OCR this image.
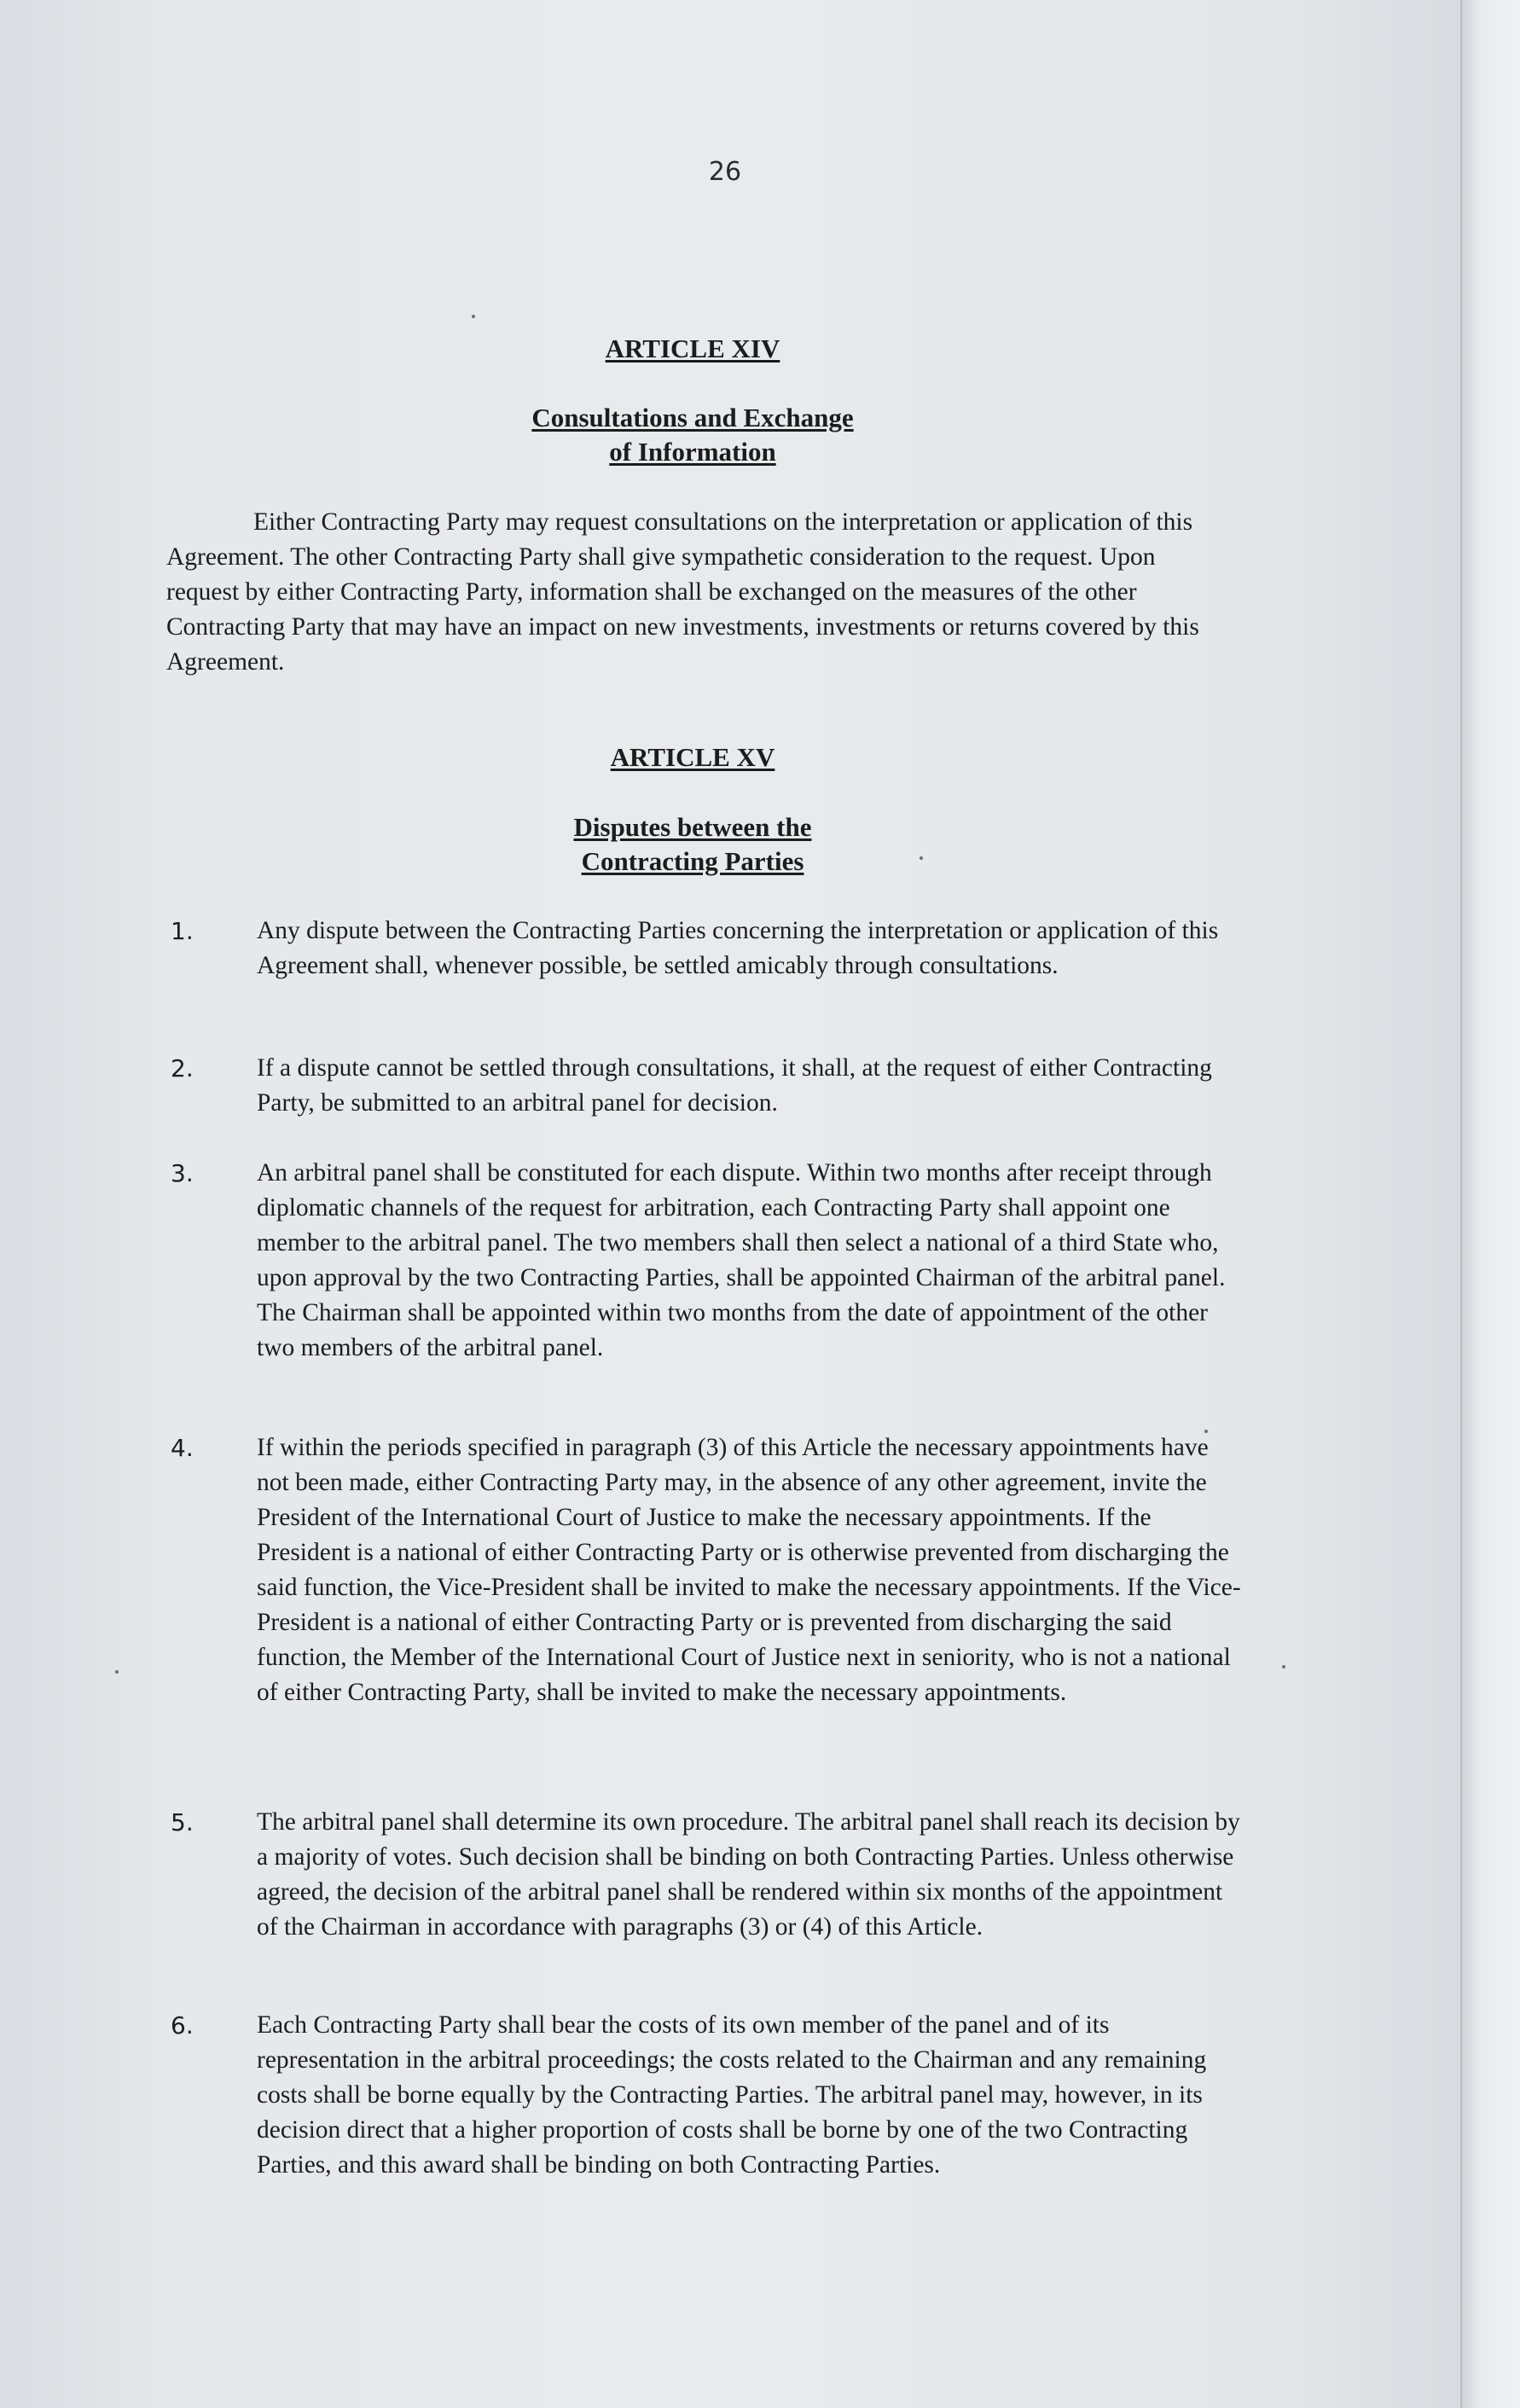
26
ARTICLE XIV
Consultations and Exchange
of Information
Either Contracting Party may request consultations on the interpretation or application of this Agreement. The other Contracting Party shall give sympathetic consideration to the request. Upon request by either Contracting Party, information shall be exchanged on the measures of the other Contracting Party that may have an impact on new investments, investments or returns covered by this Agreement.
ARTICLE XV
Disputes between the
Contracting Parties
1.	Any dispute between the Contracting Parties concerning the interpretation or application of this Agreement shall, whenever possible, be settled amicably through consultations.
2.	If a dispute cannot be settled through consultations, it shall, at the request of either Contracting Party, be submitted to an arbitral panel for decision.
3.	An arbitral panel shall be constituted for each dispute. Within two months after receipt through diplomatic channels of the request for arbitration, each Contracting Party shall appoint one member to the arbitral panel. The two members shall then select a national of a third State who, upon approval by the two Contracting Parties, shall be appointed Chairman of the arbitral panel. The Chairman shall be appointed within two months from the date of appointment of the other two members of the arbitral panel.
4.	If within the periods specified in paragraph (3) of this Article the necessary appointments have not been made, either Contracting Party may, in the absence of any other agreement, invite the President of the International Court of Justice to make the necessary appointments. If the President is a national of either Contracting Party or is otherwise prevented from discharging the said function, the Vice-President shall be invited to make the necessary appointments. If the Vice-President is a national of either Contracting Party or is prevented from discharging the said function, the Member of the International Court of Justice next in seniority, who is not a national of either Contracting Party, shall be invited to make the necessary appointments.
5.	The arbitral panel shall determine its own procedure. The arbitral panel shall reach its decision by a majority of votes. Such decision shall be binding on both Contracting Parties. Unless otherwise agreed, the decision of the arbitral panel shall be rendered within six months of the appointment of the Chairman in accordance with paragraphs (3) or (4) of this Article.
6.	Each Contracting Party shall bear the costs of its own member of the panel and of its representation in the arbitral proceedings; the costs related to the Chairman and any remaining costs shall be borne equally by the Contracting Parties. The arbitral panel may, however, in its decision direct that a higher proportion of costs shall be borne by one of the two Contracting Parties, and this award shall be binding on both Contracting Parties.
